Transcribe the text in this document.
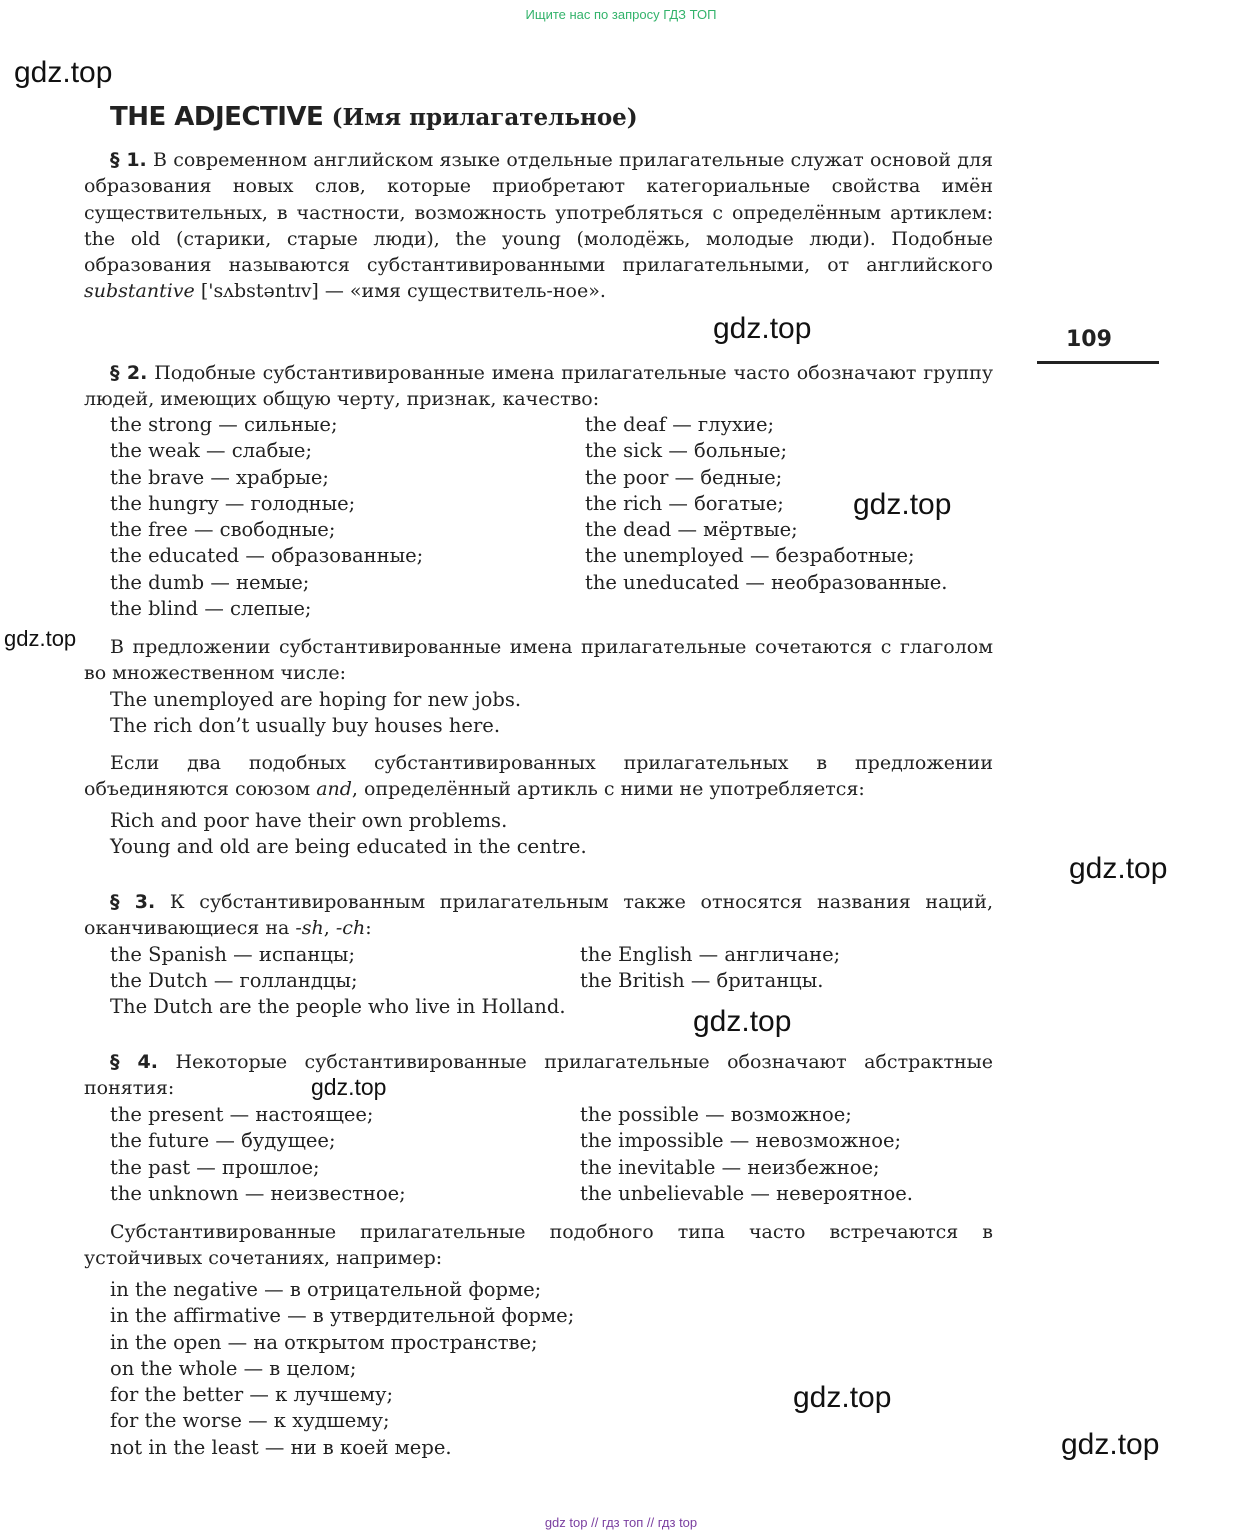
Ищите нас по запросу ГДЗ ТОП
gdz.top
gdz.top
gdz.top
gdz.top
gdz.top
gdz.top
gdz.top
gdz.top
gdz.top
THE ADJECTIVE (Имя прилагательное)
109

§ 1. В современном английском языке отдельные прилагательные служат основой для образования новых слов, которые приобретают категориальные свойства имён существительных, в частности, возможность употребляться с определённым артиклем: the old (старики, старые люди), the young (молодёжь, молодые люди). Подобные образования называются субстантивированными прилагательными, от английского substantive ['sʌbstəntɪv] — «имя существитель-ное».

§ 2. Подобные субстантивированные имена прилагательные часто обозначают группу людей, имеющих общую черту, признак, качество:

the strong — сильные;
the weak — слабые;
the brave — храбрые;
the hungry — голодные;
the free — свободные;
the educated — образованные;
the dumb — немые;
the blind — слепые;
the deaf — глухие;
the sick — больные;
the poor — бедные;
the rich — богатые;
the dead — мёртвые;
the unemployed — безработные;
the uneducated — необразованные.

В предложении субстантивированные имена прилагательные сочетаются с глаголом во множественном числе:

The unemployed are hoping for new jobs.
The rich don’t usually buy houses here.

Если два подобных субстантивированных прилагательных в предложении объединяются союзом and, определённый артикль с ними не употребляется:

Rich and poor have their own problems.
Young and old are being educated in the centre.

§ 3. К субстантивированным прилагательным также относятся названия наций, оканчивающиеся на -sh, -ch:

the Spanish — испанцы;
the Dutch — голландцы;
the English — англичане;
the British — британцы.
The Dutch are the people who live in Holland.

§ 4. Некоторые субстантивированные прилагательные обозначают абстрактные понятия:

the present — настоящее;
the future — будущее;
the past — прошлое;
the unknown — неизвестное;
the possible — возможное;
the impossible — невозможное;
the inevitable — неизбежное;
the unbelievable — невероятное.

Субстантивированные прилагательные подобного типа часто встречаются в устойчивых сочетаниях, например:

in the negative — в отрицательной форме;
in the affirmative — в утвердительной форме;
in the open — на открытом пространстве;
on the whole — в целом;
for the better — к лучшему;
for the worse — к худшему;
not in the least — ни в коей мере.
gdz top // гдз топ // гдз top
